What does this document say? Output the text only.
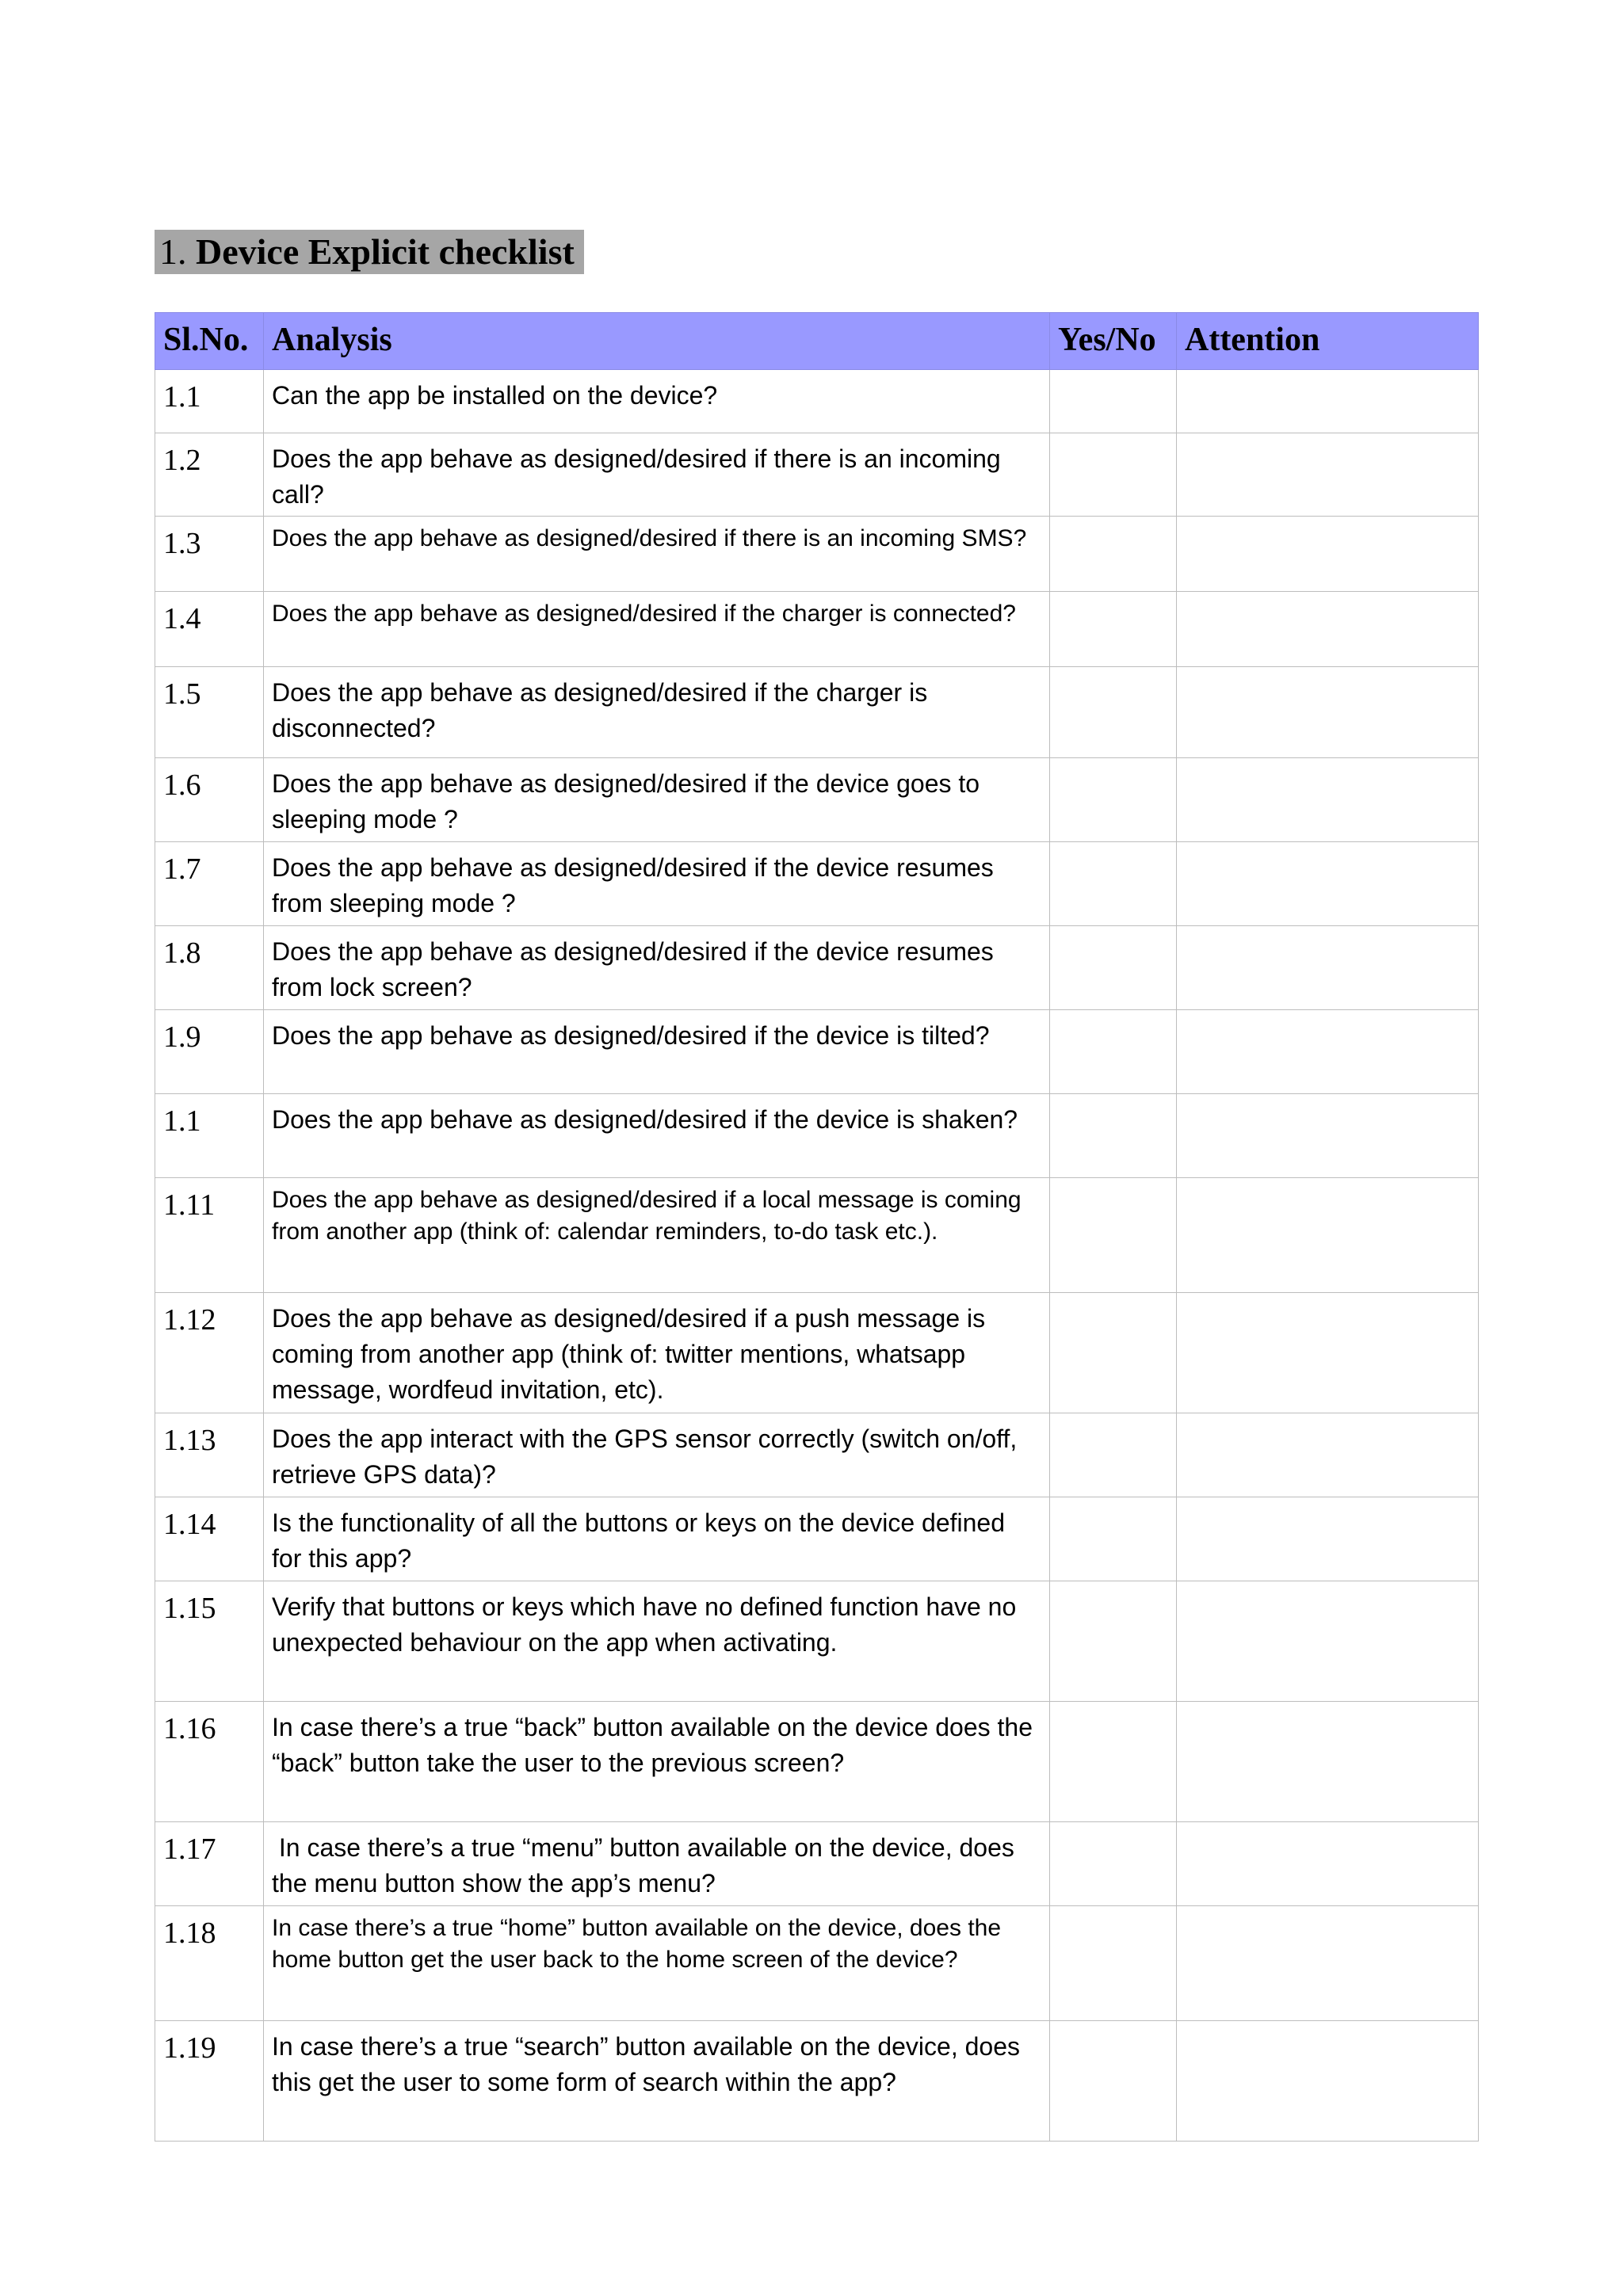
1. Device Explicit checklist
Sl.No.	Analysis	Yes/No	Attention
1.1	Can the app be installed on the device?		
1.2	Does the app behave as designed/desired if there is an incoming call?		
1.3	Does the app behave as designed/desired if there is an incoming SMS?		
1.4	Does the app behave as designed/desired if the charger is connected?		
1.5	Does the app behave as designed/desired if the charger is disconnected?		
1.6	Does the app behave as designed/desired if the device goes to sleeping mode ?		
1.7	Does the app behave as designed/desired if the device resumes from sleeping mode ?		
1.8	Does the app behave as designed/desired if the device resumes from lock screen?		
1.9	Does the app behave as designed/desired if the device is tilted?		
1.1	Does the app behave as designed/desired if the device is shaken?		
1.11	Does the app behave as designed/desired if a local message is coming from another app (think of: calendar reminders, to-do task etc.).		
1.12	Does the app behave as designed/desired if a push message is coming from another app (think of: twitter mentions, whatsapp message, wordfeud invitation, etc).		
1.13	Does the app interact with the GPS sensor correctly (switch on/off, retrieve GPS data)?		
1.14	Is the functionality of all the buttons or keys on the device defined for this app?		
1.15	Verify that buttons or keys which have no defined function have no unexpected behaviour on the app when activating.		
1.16	In case there’s a true “back” button available on the device does the “back” button take the user to the previous screen?		
1.17	In case there’s a true “menu” button available on the device, does the menu button show the app’s menu?		
1.18	In case there’s a true “home” button available on the device, does the home button get the user back to the home screen of the device?		
1.19	In case there’s a true “search” button available on the device, does this get the user to some form of search within the app?		
